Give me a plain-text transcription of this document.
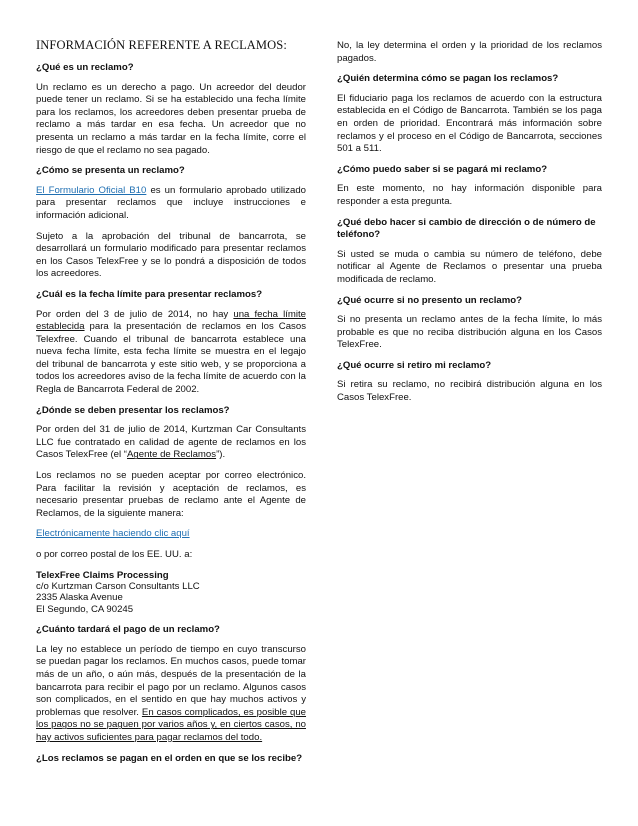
INFORMACIÓN REFERENTE A RECLAMOS:
¿Qué es un reclamo?
Un reclamo es un derecho a pago. Un acreedor del deudor puede tener un reclamo. Si se ha establecido una fecha límite para los reclamos, los acreedores deben presentar prueba de reclamo a más tardar en esa fecha. Un acreedor que no presenta un reclamo a más tardar en la fecha límite, corre el riesgo de que el reclamo no sea pagado.
¿Cómo se presenta un reclamo?
El Formulario Oficial B10 es un formulario aprobado utilizado para presentar reclamos que incluye instrucciones e información adicional.
Sujeto a la aprobación del tribunal de bancarrota, se desarrollará un formulario modificado para presentar reclamos en los Casos TelexFree y se lo pondrá a disposición de todos los acreedores.
¿Cuál es la fecha límite para presentar reclamos?
Por orden del 3 de julio de 2014, no hay una fecha límite establecida para la presentación de reclamos en los Casos Telexfree. Cuando el tribunal de bancarrota establece una nueva fecha límite, esta fecha límite se muestra en el legajo del tribunal de bancarrota y este sitio web, y se proporciona a todos los acreedores aviso de la fecha límite de acuerdo con la Regla de Bancarrota Federal de 2002.
¿Dónde se deben presentar los reclamos?
Por orden del 31 de julio de 2014, Kurtzman Car Consultants LLC fue contratado en calidad de agente de reclamos en los Casos TelexFree (el “Agente de Reclamos”).
Los reclamos no se pueden aceptar por correo electrónico. Para facilitar la revisión y aceptación de reclamos, es necesario presentar pruebas de reclamo ante el Agente de Reclamos, de la siguiente manera:
Electrónicamente haciendo clic aquí
o por correo postal de los EE. UU. a:
TelexFree Claims Processing
c/o Kurtzman Carson Consultants LLC
2335 Alaska Avenue
El Segundo, CA 90245
¿Cuánto tardará el pago de un reclamo?
La ley no establece un período de tiempo en cuyo transcurso se puedan pagar los reclamos. En muchos casos, puede tomar más de un año, o aún más, después de la presentación de la bancarrota para recibir el pago por un reclamo. Algunos casos son complicados, en el sentido en que hay muchos activos y problemas que resolver. En casos complicados, es posible que los pagos no se paguen por varios años y, en ciertos casos, no hay activos suficientes para pagar reclamos del todo.
¿Los reclamos se pagan en el orden en que se los recibe?
No, la ley determina el orden y la prioridad de los reclamos pagados.
¿Quién determina cómo se pagan los reclamos?
El fiduciario paga los reclamos de acuerdo con la estructura establecida en el Código de Bancarrota. También se los paga en orden de prioridad. Encontrará más información sobre reclamos y el proceso en el Código de Bancarrota, secciones 501 a 511.
¿Cómo puedo saber si se pagará mi reclamo?
En este momento, no hay información disponible para responder a esta pregunta.
¿Qué debo hacer si cambio de dirección o de número de teléfono?
Si usted se muda o cambia su número de teléfono, debe notificar al Agente de Reclamos o presentar una prueba modificada de reclamo.
¿Qué ocurre si no presento un reclamo?
Si no presenta un reclamo antes de la fecha límite, lo más probable es que no reciba distribución alguna en los Casos TelexFree.
¿Qué ocurre si retiro mi reclamo?
Si retira su reclamo, no recibirá distribución alguna en los Casos TelexFree.
